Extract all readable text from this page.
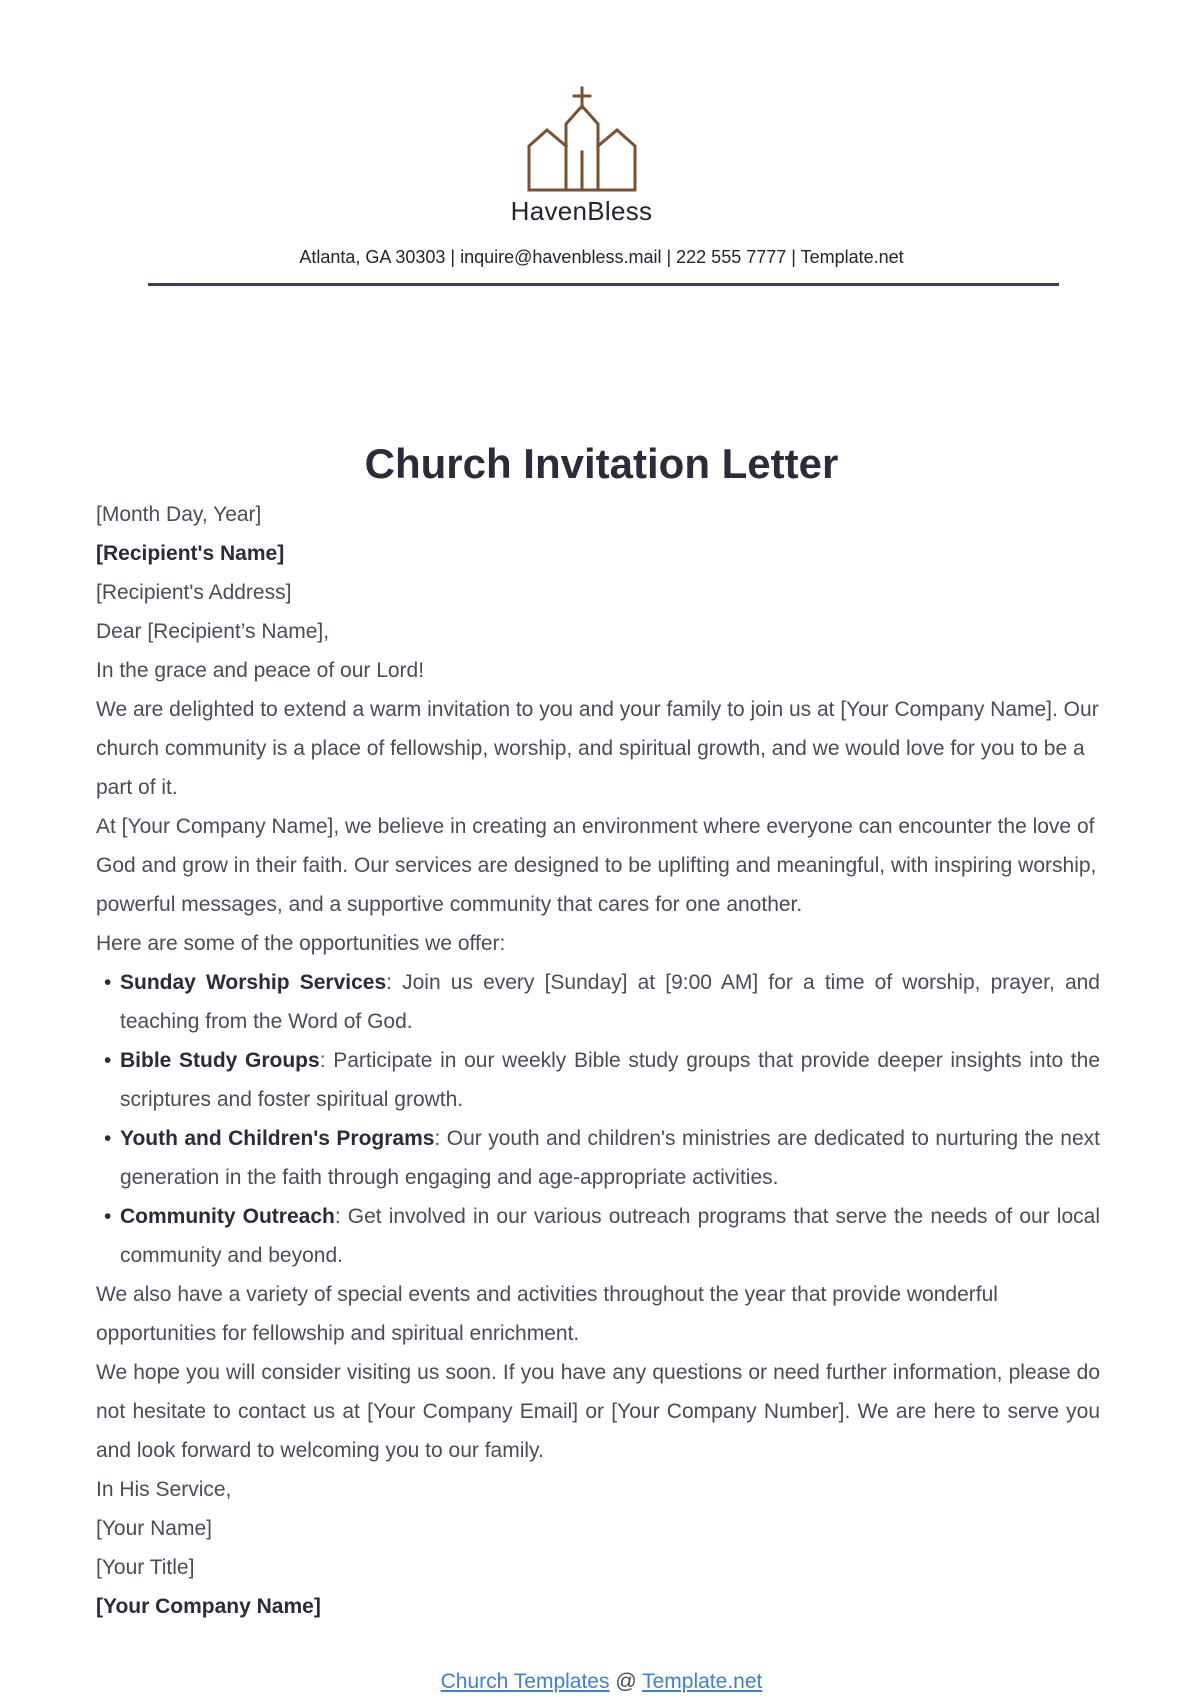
HavenBless
Atlanta, GA 30303 | inquire@havenbless.mail | 222 555 7777 | Template.net
Church Invitation Letter

[Month Day, Year]

[Recipient's Name]

[Recipient's Address]

Dear [Recipient’s Name],

In the grace and peace of our Lord!

We are delighted to extend a warm invitation to you and your family to join us at [Your Company Name]. Our church community is a place of fellowship, worship, and spiritual growth, and we would love for you to be a part of it.

At [Your Company Name], we believe in creating an environment where everyone can encounter the love of God and grow in their faith. Our services are designed to be uplifting and meaningful, with inspiring worship, powerful messages, and a supportive community that cares for one another.

Here are some of the opportunities we offer:

• Sunday Worship Services: Join us every [Sunday] at [9:00 AM] for a time of worship, prayer, and teaching from the Word of God.
• Bible Study Groups: Participate in our weekly Bible study groups that provide deeper insights into the scriptures and foster spiritual growth.
• Youth and Children's Programs: Our youth and children's ministries are dedicated to nurturing the next generation in the faith through engaging and age-appropriate activities.
• Community Outreach: Get involved in our various outreach programs that serve the needs of our local community and beyond.

We also have a variety of special events and activities throughout the year that provide wonderful opportunities for fellowship and spiritual enrichment.

We hope you will consider visiting us soon. If you have any questions or need further information, please do not hesitate to contact us at [Your Company Email] or [Your Company Number]. We are here to serve you and look forward to welcoming you to our family.

In His Service,

[Your Name]

[Your Title]

[Your Company Name]

Church Templates @ Template.net
